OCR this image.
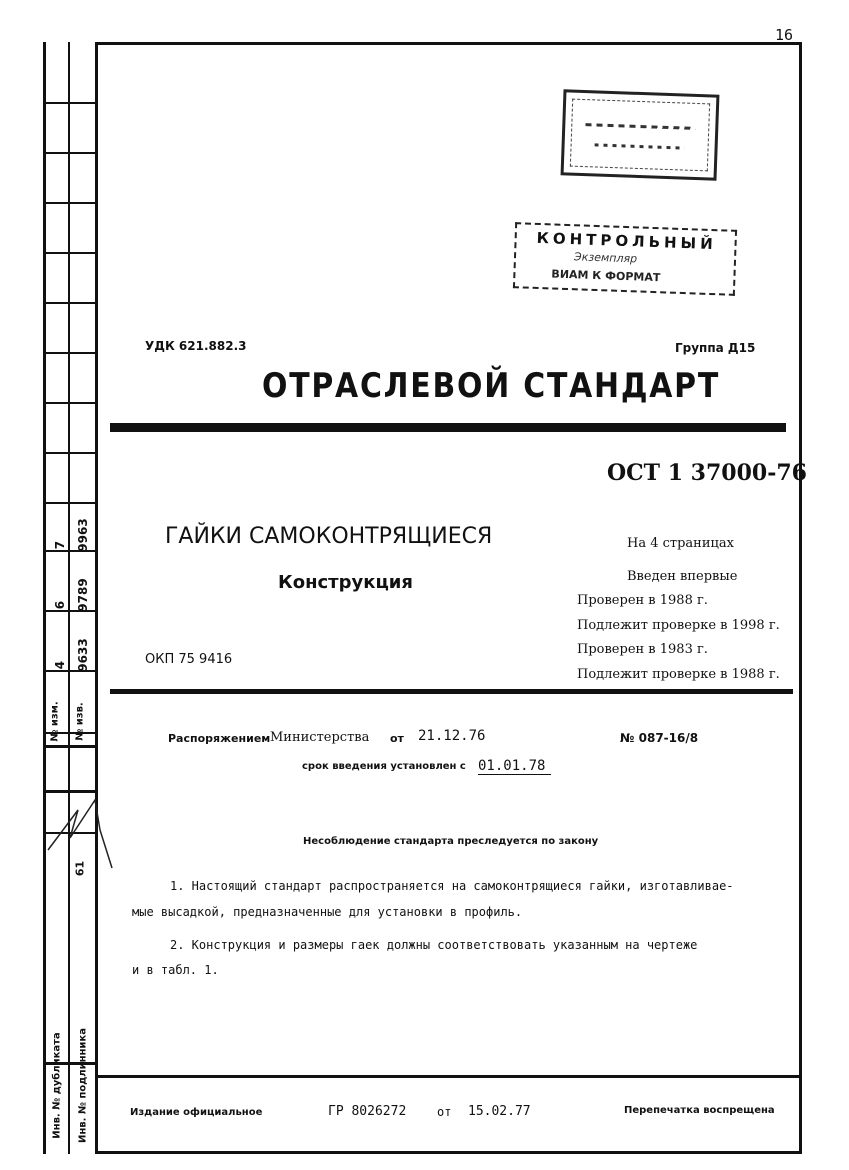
16
7 9963
6 9789
4 9633
№ изм. № изв.
61
Инв. № дубликата Инв. № подлинника
КОНТРОЛЬНЫЙ
Экземпляр
ВИАМ К ФОРМАТ
УДК 621.882.3	Группа Д15
ОТРАСЛЕВОЙ СТАНДАРТ
ОСТ 1 37000-76
ГАЙКИ САМОКОНТРЯЩИЕСЯ
Конструкция
ОКП 75 9416
На 4 страницах
Введен впервые
Проверен в 1988 г.
Подлежит проверке в 1998 г.
Проверен в 1983 г.
Подлежит проверке в 1988 г.
Распоряжением Министерства от 21.12.76	№ 087-16/8
срок введения установлен с 01.01.78
Несоблюдение стандарта преследуется по закону
1. Настоящий стандарт распространяется на самоконтрящиеся гайки, изготавливае-
мые высадкой, предназначенные для установки в профиль.
2. Конструкция и размеры гаек должны соответствовать указанным на чертеже
и в табл. 1.
Издание официальное	ГР 8026272	от 15.02.77	Перепечатка воспрещена
